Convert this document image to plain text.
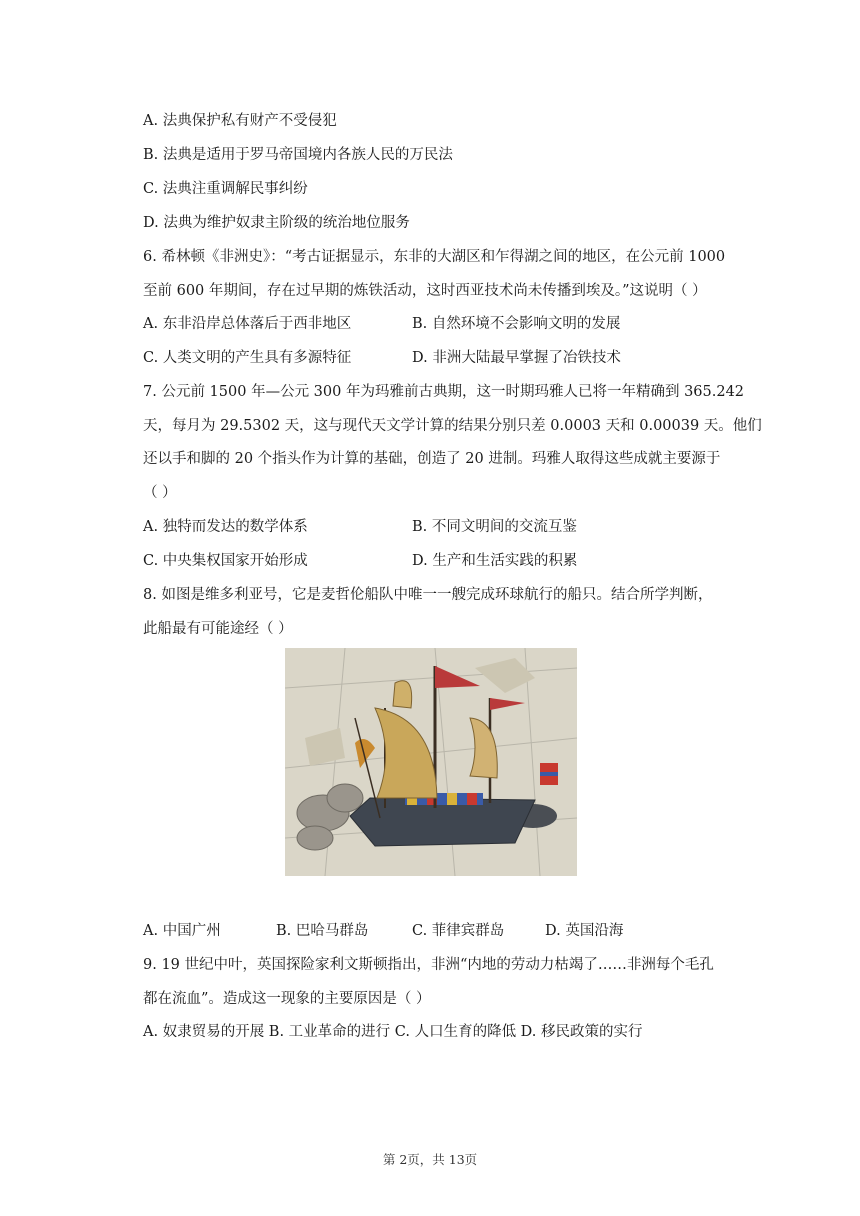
A. 法典保护私有财产不受侵犯
B. 法典是适用于罗马帝国境内各族人民的万民法
C. 法典注重调解民事纠纷
D. 法典为维护奴隶主阶级的统治地位服务
6. 希林顿《非洲史》：“考古证据显示，东非的大湖区和乍得湖之间的地区，在公元前 1000
至前 600 年期间，存在过早期的炼铁活动，这时西亚技术尚未传播到埃及。”这说明（ ）
A. 东非沿岸总体落后于西非地区	B. 自然环境不会影响文明的发展
C. 人类文明的产生具有多源特征	D. 非洲大陆最早掌握了冶铁技术
7. 公元前 1500 年—公元 300 年为玛雅前古典期，这一时期玛雅人已将一年精确到 365.242
天，每月为 29.5302 天，这与现代天文学计算的结果分别只差 0.0003 天和 0.00039 天。他们
还以手和脚的 20 个指头作为计算的基础，创造了 20 进制。玛雅人取得这些成就主要源于
（ ）
A. 独特而发达的数学体系	B. 不同文明间的交流互鉴
C. 中央集权国家开始形成	D. 生产和生活实践的积累
8. 如图是维多利亚号，它是麦哲伦船队中唯一一艘完成环球航行的船只。结合所学判断，
此船最有可能途经（ ）
A. 中国广州	B. 巴哈马群岛	C. 菲律宾群岛	D. 英国沿海
9. 19 世纪中叶，英国探险家利文斯顿指出，非洲“内地的劳动力枯竭了……非洲每个毛孔
都在流血”。造成这一现象的主要原因是（ ）
A. 奴隶贸易的开展 B. 工业革命的进行 C. 人口生育的降低 D. 移民政策的实行
第 2页，共 13页
